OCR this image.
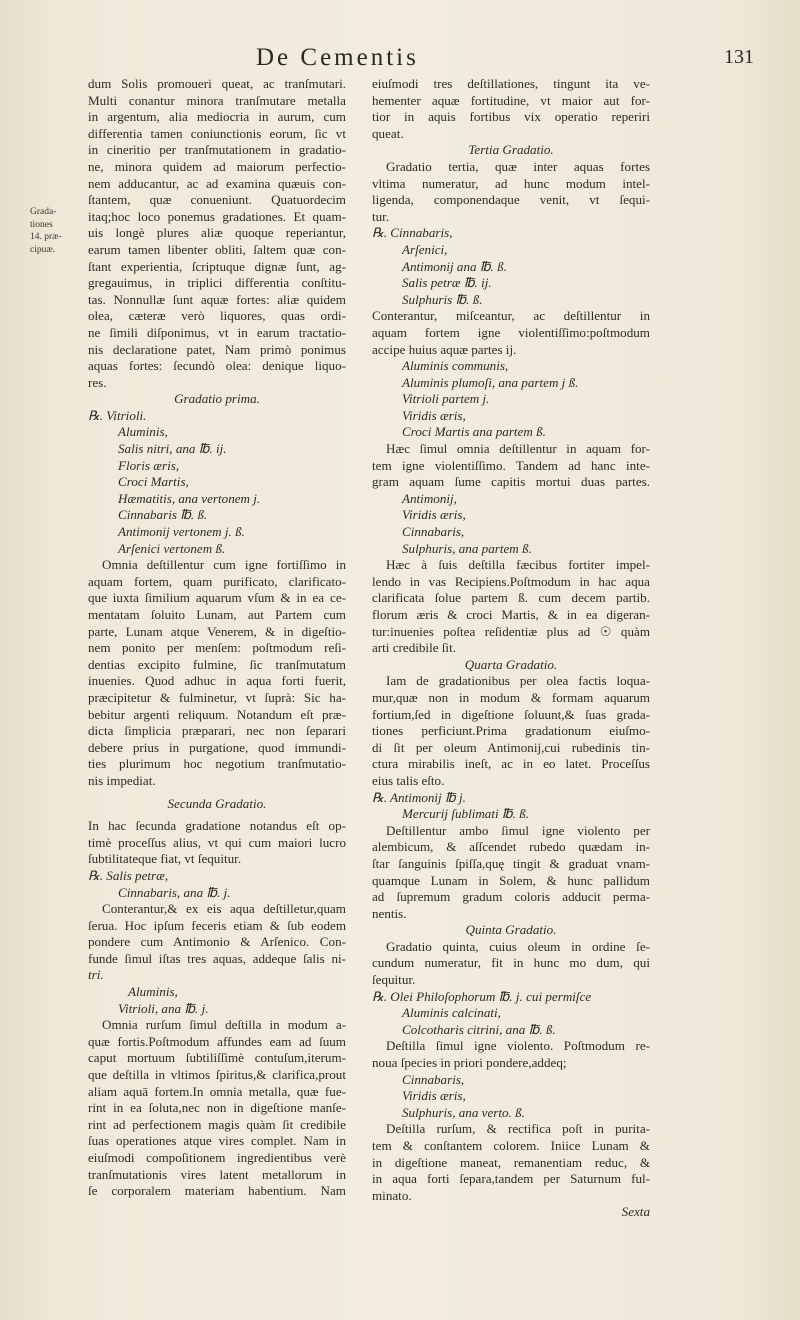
De Cementis	131
Grada-
tiones
14. præ-
cipuæ.
dum Solis promoueri queat, ac tranſmutari.
Multi conantur minora tranſmutare metalla
in argentum, alia mediocria in aurum, cum
differentia tamen coniunctionis eorum, ſic vt
in cineritio per tranſmutationem in gradatio-
ne, minora quidem ad maiorum perfectio-
nem adducantur, ac ad examina quæuis con-
ſtantem, quæ conueniunt. Quatuordecim
itaq;hoc loco ponemus gradationes. Et quam-
uis longè plures aliæ quoque reperiantur,
earum tamen libenter obliti, ſaltem quæ con-
ſtant experientia, ſcriptuque dignæ ſunt, ag-
gregauimus, in triplici differentia conſtitu-
tas. Nonnullæ ſunt aquæ fortes: aliæ quidem
olea, cæteræ verò liquores, quas ordi-
ne ſimili diſponimus, vt in earum tractatio-
nis declaratione patet, Nam primò ponimus
aquas fortes: ſecundò olea: denique liquo-
res.
Gradatio prima.
℞. Vitrioli.
Aluminis,
Salis nitri, ana ℔. ij.
Floris æris,
Croci Martis,
Hæmatitis, ana vertonem j.
Cinnabaris ℔. ß.
Antimonij vertonem j. ß.
Arſenici vertonem ß.
Omnia deſtillentur cum igne fortiſſimo in
aquam fortem, quam purificato, clarificato-
que iuxta ſimilium aquarum vſum & in ea ce-
mentatam ſoluito Lunam, aut Partem cum
parte, Lunam atque Venerem, & in digeſtio-
nem ponito per menſem: poſtmodum reſi-
dentias excipito fulmine, ſic tranſmutatum
inuenies. Quod adhuc in aqua forti fuerit,
præcipitetur & fulminetur, vt ſuprà: Sic ha-
bebitur argenti reliquum. Notandum eſt præ-
dicta ſimplicia præparari, nec non ſeparari
debere prius in purgatione, quod immundi-
ties plurimum hoc negotium tranſmutatio-
nis impediat.
Secunda Gradatio.
In hac ſecunda gradatione notandus eſt op-
timè proceſſus alius, vt qui cum maiori lucro
ſubtilitateque fiat, vt ſequitur.
℞. Salis petræ,
Cinnabaris, ana ℔. j.
Conterantur,& ex eis aqua deſtilletur,quam
ſerua. Hoc ipſum feceris etiam & ſub eodem
pondere cum Antimonio & Arſenico. Con-
funde ſimul iſtas tres aquas, addeque ſalis ni-
tri.
Aluminis,
Vitrioli, ana ℔. j.
Omnia rurſum ſimul deſtilla in modum a-
quæ fortis.Poſtmodum affundes eam ad ſuum
caput mortuum ſubtiliſſimè contuſum,iterum-
que deſtilla in vltimos ſpiritus,& clarifica,prout
aliam aquā fortem.In omnia metalla, quæ fue-
rint in ea ſoluta,nec non in digeſtione manſe-
rint ad perfectionem magis quàm ſit credibile
ſuas operationes atque vires complet. Nam in
eiuſmodi compoſitionem ingredientibus verè
tranſmutationis vires latent metallorum in
ſe corporalem materiam habentium. Nam
eiuſmodi tres deſtillationes, tingunt ita ve-
hementer aquæ fortitudine, vt maior aut for-
tior in aquis fortibus vix operatio reperiri
queat.
Tertia Gradatio.
Gradatio tertia, quæ inter aquas fortes
vltima numeratur, ad hunc modum intel-
ligenda, componendaque venit, vt ſequi-
tur.
℞. Cinnabaris,
Arſenici,
Antimonij ana ℔. ß.
Salis petræ ℔. ij.
Sulphuris ℔. ß.
Conterantur, miſceantur, ac deſtillentur in
aquam fortem igne violentiſſimo:poſtmodum
accipe huius aquæ partes ij.
Aluminis communis,
Aluminis plumoſi, ana partem j ß.
Vitrioli partem j.
Viridis æris,
Croci Martis ana partem ß.
Hæc ſimul omnia deſtillentur in aquam for-
tem igne violentiſſimo. Tandem ad hanc inte-
gram aquam ſume capitis mortui duas partes.
Antimonij,
Viridis æris,
Cinnabaris,
Sulphuris, ana partem ß.
Hæc à ſuis deſtilla fæcibus fortiter impel-
lendo in vas Recipiens.Poſtmodum in hac aqua
clarificata ſolue partem ß. cum decem partib.
florum æris & croci Martis, & in ea digeran-
tur:inuenies poſtea reſidentiæ plus ad ☉ quàm
arti credibile ſit.
Quarta Gradatio.
Iam de gradationibus per olea factis loqua-
mur,quæ non in modum & formam aquarum
fortium,ſed in digeſtione ſoluunt,& ſuas grada-
tiones perficiunt.Prima gradationum eiuſmo-
di ſit per oleum Antimonij,cui rubedinis tin-
ctura mirabilis ineſt, ac in eo latet. Proceſſus
eius talis eſto.
℞. Antimonij ℔ j.
Mercurij ſublimati ℔. ß.
Deſtillentur ambo ſimul igne violento per
alembicum, & aſſcendet rubedo quædam in-
ſtar ſanguinis ſpiſſa,quę tingit & graduat vnam-
quamque Lunam in Solem, & hunc pallidum
ad ſupremum gradum coloris adducit perma-
nentis.
Quinta Gradatio.
Gradatio quinta, cuius oleum in ordine ſe-
cundum numeratur, fit in hunc mo dum, qui
ſequitur.
℞. Olei Philoſophorum ℔. j. cui permiſce
Aluminis calcinati,
Colcotharis citrini, ana ℔. ß.
Deſtilla ſimul igne violento. Poſtmodum re-
noua ſpecies in priori pondere,addeq;
Cinnabaris,
Viridis æris,
Sulphuris, ana verto. ß.
Deſtilla rurſum, & rectifica poſt in purita-
tem & conſtantem colorem. Iniice Lunam &
in digeſtione maneat, remanentiam reduc, &
in aqua forti ſepara,tandem per Saturnum ful-
minato.
Sexta
